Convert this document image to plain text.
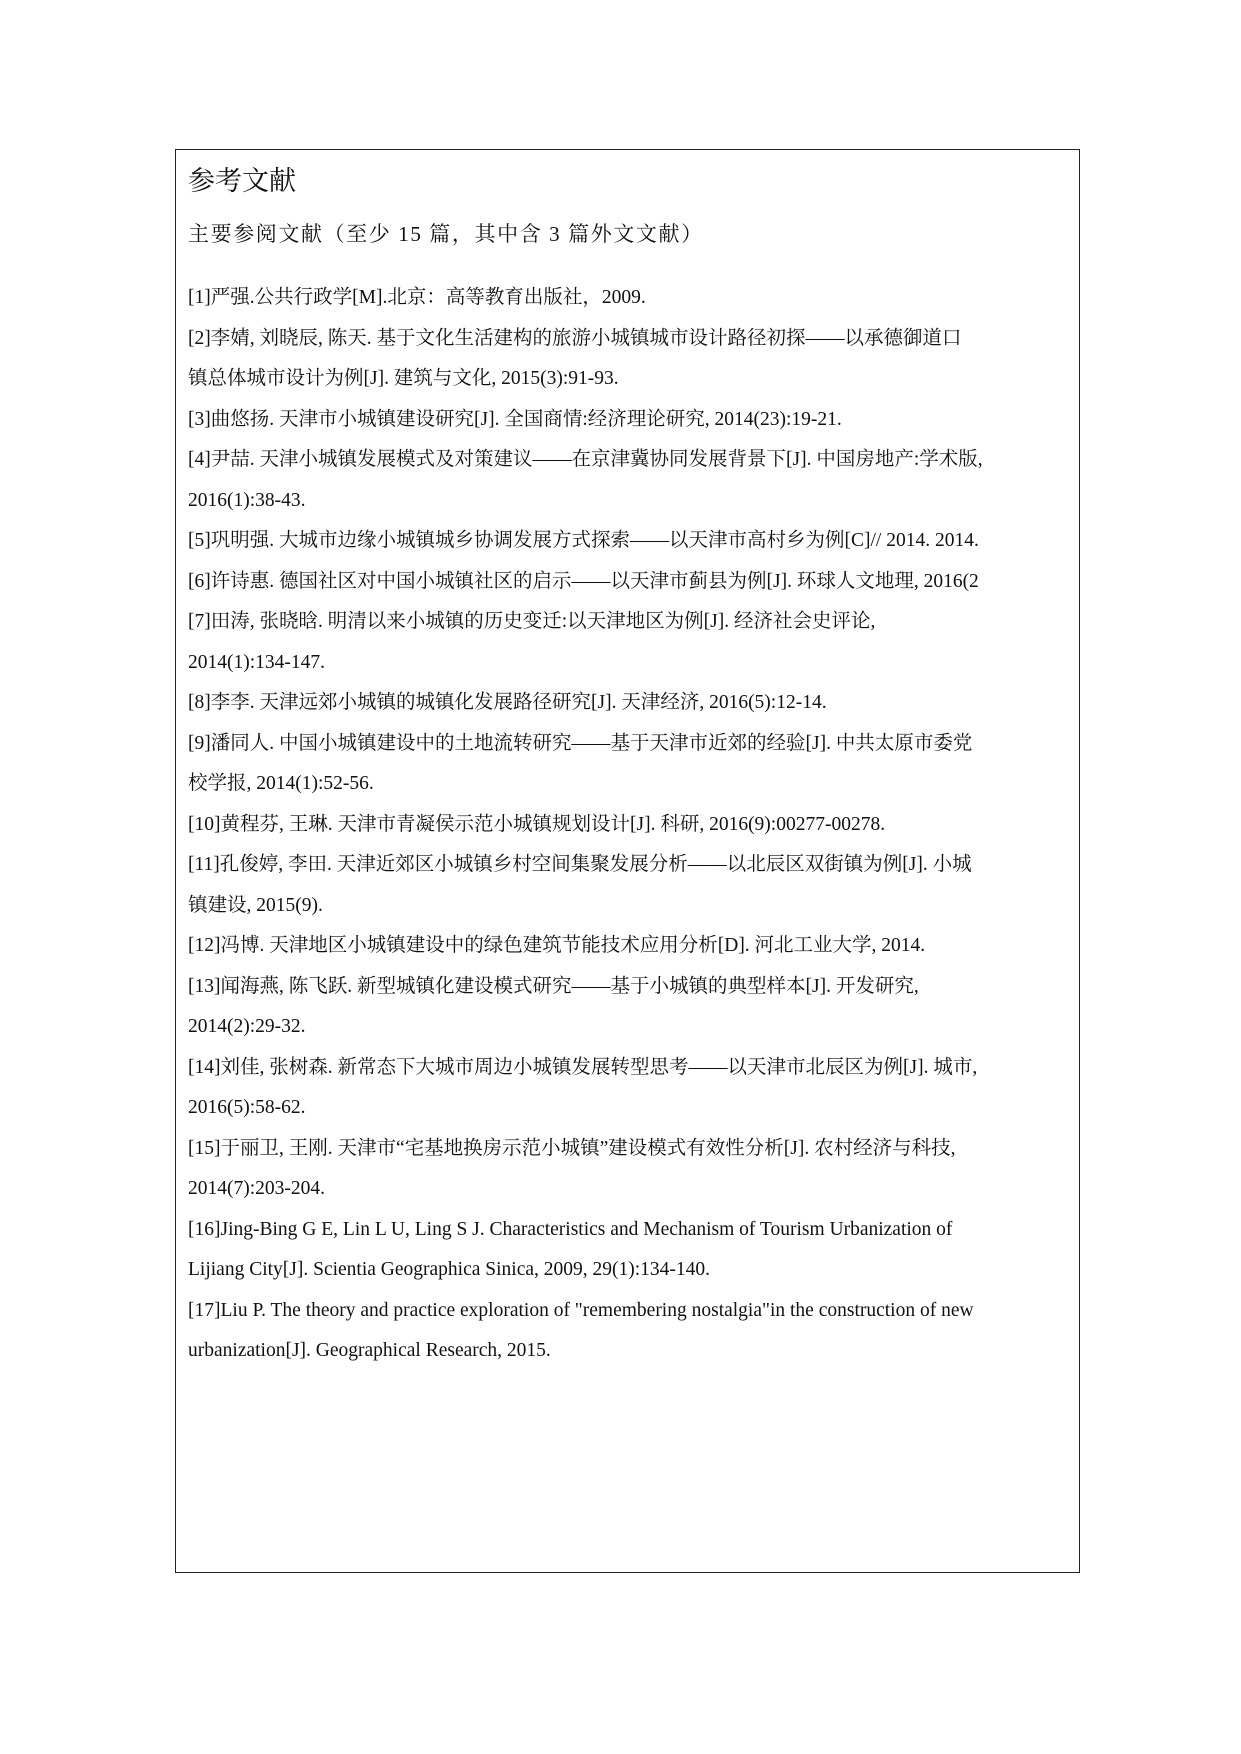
参考文献
主要参阅文献（至少 15 篇，其中含 3 篇外文文献）
[1]严强.公共行政学[M].北京：高等教育出版社，2009.
[2]李婧, 刘晓辰, 陈天. 基于文化生活建构的旅游小城镇城市设计路径初探——以承德御道口
镇总体城市设计为例[J]. 建筑与文化, 2015(3):91-93.
[3]曲悠扬. 天津市小城镇建设研究[J]. 全国商情:经济理论研究, 2014(23):19-21.
[4]尹喆. 天津小城镇发展模式及对策建议——在京津冀协同发展背景下[J]. 中国房地产:学术版,
2016(1):38-43.
[5]巩明强. 大城市边缘小城镇城乡协调发展方式探索——以天津市高村乡为例[C]// 2014. 2014.
[6]许诗惠. 德国社区对中国小城镇社区的启示——以天津市蓟县为例[J]. 环球人文地理, 2016(2
[7]田涛, 张晓晗. 明清以来小城镇的历史变迁:以天津地区为例[J]. 经济社会史评论,
2014(1):134-147.
[8]李李. 天津远郊小城镇的城镇化发展路径研究[J]. 天津经济, 2016(5):12-14.
[9]潘同人. 中国小城镇建设中的土地流转研究——基于天津市近郊的经验[J]. 中共太原市委党
校学报, 2014(1):52-56.
[10]黄程芬, 王琳. 天津市青凝侯示范小城镇规划设计[J]. 科研, 2016(9):00277-00278.
[11]孔俊婷, 李田. 天津近郊区小城镇乡村空间集聚发展分析——以北辰区双街镇为例[J]. 小城
镇建设, 2015(9).
[12]冯博. 天津地区小城镇建设中的绿色建筑节能技术应用分析[D]. 河北工业大学, 2014.
[13]闻海燕, 陈飞跃. 新型城镇化建设模式研究——基于小城镇的典型样本[J]. 开发研究,
2014(2):29-32.
[14]刘佳, 张树森. 新常态下大城市周边小城镇发展转型思考——以天津市北辰区为例[J]. 城市,
2016(5):58-62.
[15]于丽卫, 王刚. 天津市“宅基地换房示范小城镇”建设模式有效性分析[J]. 农村经济与科技,
2014(7):203-204.
[16]Jing-Bing G E, Lin L U, Ling S J. Characteristics and Mechanism of Tourism Urbanization of
Lijiang City[J]. Scientia Geographica Sinica, 2009, 29(1):134-140.
[17]Liu P. The theory and practice exploration of "remembering nostalgia"in the construction of new
urbanization[J]. Geographical Research, 2015.
